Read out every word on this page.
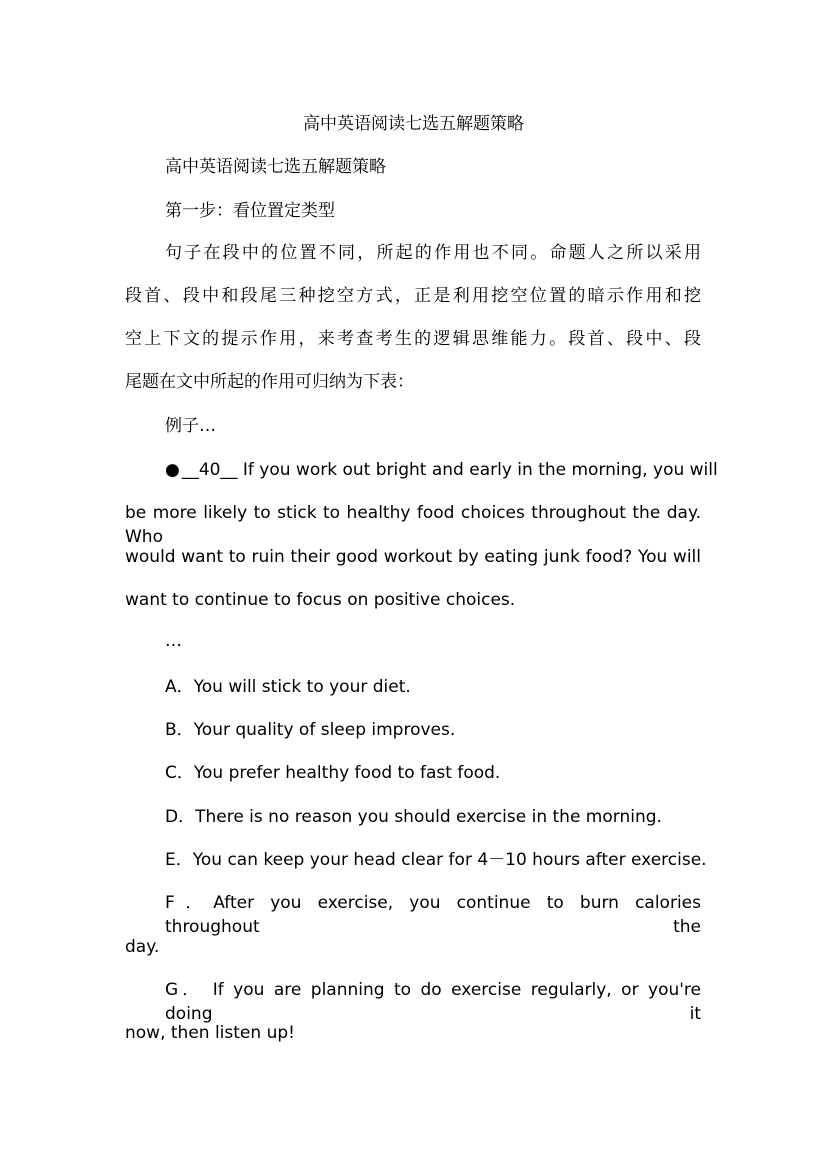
高中英语阅读七选五解题策略
高中英语阅读七选五解题策略
第一步：看位置定类型
句子在段中的位置不同，所起的作用也不同。命题人之所以采用
段首、段中和段尾三种挖空方式，正是利用挖空位置的暗示作用和挖
空上下文的提示作用，来考查考生的逻辑思维能力。段首、段中、段
尾题在文中所起的作用可归纳为下表：
例子…
● __40__ If you work out bright and early in the morning, you will
be more likely to stick to healthy food choices throughout the day. Who
would want to ruin their good workout by eating junk food? You will
want to continue to focus on positive choices.
…
A．You will stick to your diet.
B．Your quality of sleep improves.
C．You prefer healthy food to fast food.
D．There is no reason you should exercise in the morning.
E．You can keep your head clear for 4－10 hours after exercise.
F．After you exercise, you continue to burn calories throughout the
day.
G． If you are planning to do exercise regularly, or you're doing it
now, then listen up!
